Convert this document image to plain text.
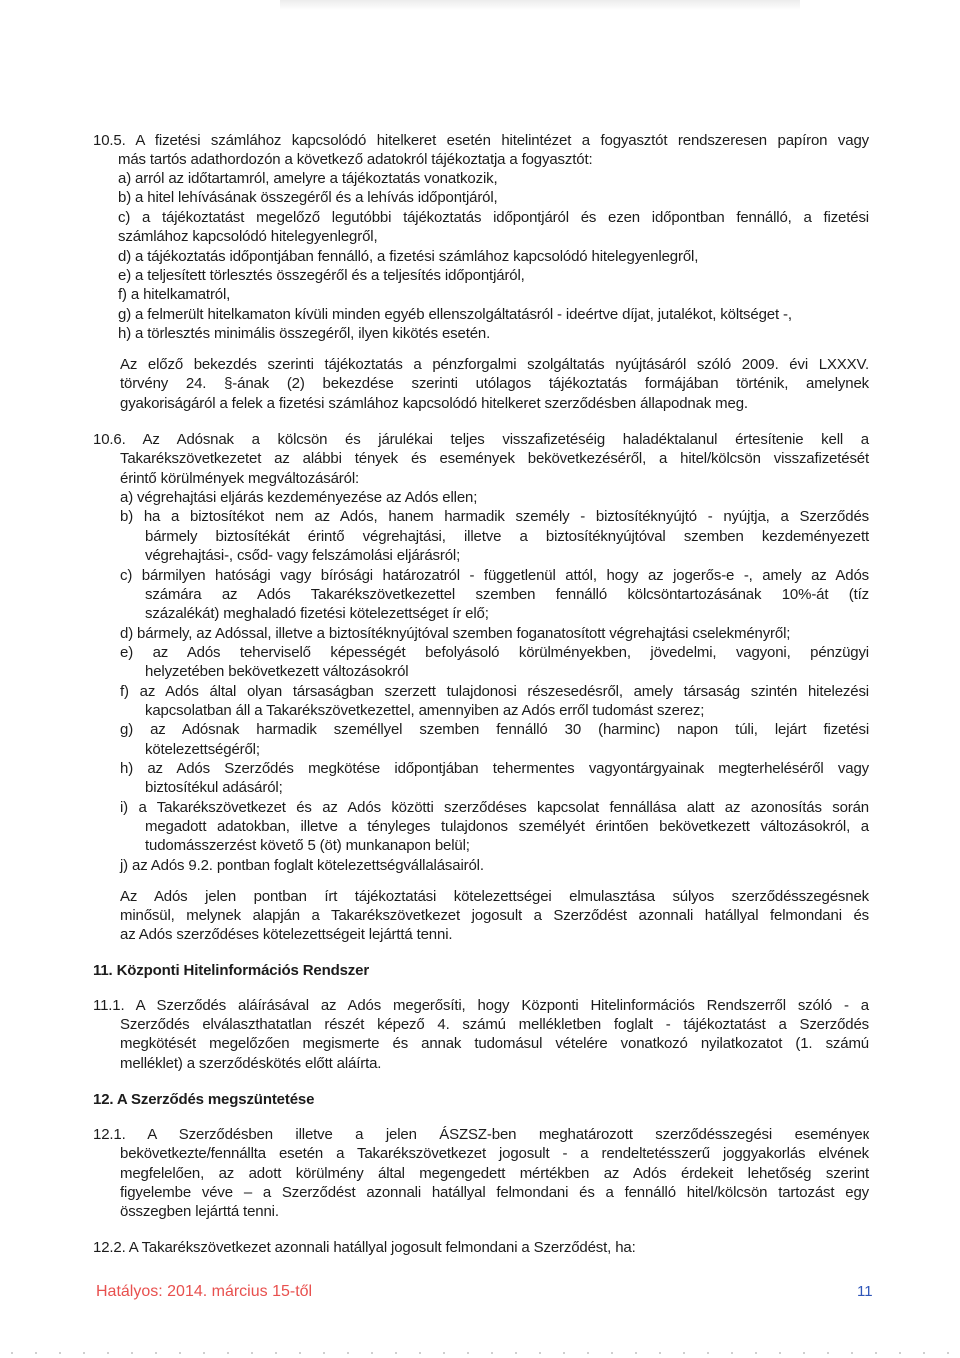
10.5. A fizetési számlához kapcsolódó hitelkeret esetén hitelintézet a fogyasztót rendszeresen papíron vagy
más tartós adathordozón a következő adatokról tájékoztatja a fogyasztót:
a) arról az időtartamról, amelyre a tájékoztatás vonatkozik,
b) a hitel lehívásának összegéről és a lehívás időpontjáról,
c) a tájékoztatást megelőző legutóbbi tájékoztatás időpontjáról és ezen időpontban fennálló, a fizetési
számlához kapcsolódó hitelegyenlegről,
d) a tájékoztatás időpontjában fennálló, a fizetési számlához kapcsolódó hitelegyenlegről,
e) a teljesített törlesztés összegéről és a teljesítés időpontjáról,
f) a hitelkamatról,
g) a felmerült hitelkamaton kívüli minden egyéb ellenszolgáltatásról - ideértve díjat, jutalékot, költséget -,
h) a törlesztés minimális összegéről, ilyen kikötés esetén.
Az előző bekezdés szerinti tájékoztatás a pénzforgalmi szolgáltatás nyújtásáról szóló 2009. évi LXXXV.
törvény 24. §-ának (2) bekezdése szerinti utólagos tájékoztatás formájában történik, amelynek
gyakoriságáról a felek a fizetési számlához kapcsolódó hitelkeret szerződésben állapodnak meg.
10.6. Az Adósnak a kölcsön és járulékai teljes visszafizetéséig haladéktalanul értesítenie kell a
Takarékszövetkezetet az alábbi tények és események bekövetkezéséről, a hitel/kölcsön visszafizetését
érintő körülmények megváltozásáról:
a) végrehajtási eljárás kezdeményezése az Adós ellen;
b) ha a biztosítékot nem az Adós, hanem harmadik személy - biztosítéknyújtó - nyújtja, a Szerződés
bármely biztosítékát érintő végrehajtási, illetve a biztosítéknyújtóval szemben kezdeményezett
végrehajtási-, csőd- vagy felszámolási eljárásról;
c) bármilyen hatósági vagy bírósági határozatról - függetlenül attól, hogy az jogerős-e -, amely az Adós
számára az Adós Takarékszövetkezettel szemben fennálló kölcsöntartozásának 10%-át (tíz
százalékát) meghaladó fizetési kötelezettséget ír elő;
d) bármely, az Adóssal, illetve a biztosítéknyújtóval szemben foganatosított végrehajtási cselekményről;
e) az Adós teherviselő képességét befolyásoló körülményekben, jövedelmi, vagyoni, pénzügyi
helyzetében bekövetkezett változásokról
f) az Adós által olyan társaságban szerzett tulajdonosi részesedésről, amely társaság szintén hitelezési
kapcsolatban áll a Takarékszövetkezettel, amennyiben az Adós erről tudomást szerez;
g) az Adósnak harmadik személlyel szemben fennálló 30 (harminc) napon túli, lejárt fizetési
kötelezettségéről;
h) az Adós Szerződés megkötése időpontjában tehermentes vagyontárgyainak megterheléséről vagy
biztosítékul adásáról;
i) a Takarékszövetkezet és az Adós közötti szerződéses kapcsolat fennállása alatt az azonosítás során
megadott adatokban, illetve a tényleges tulajdonos személyét érintően bekövetkezett változásokról, a
tudomásszerzést követő 5 (öt) munkanapon belül;
j) az Adós 9.2. pontban foglalt kötelezettségvállalásairól.
Az Adós jelen pontban írt tájékoztatási kötelezettségei elmulasztása súlyos szerződésszegésnek
minősül, melynek alapján a Takarékszövetkezet jogosult a Szerződést azonnali hatállyal felmondani és
az Adós szerződéses kötelezettségeit lejárttá tenni.
11. Központi Hitelinformációs Rendszer
11.1. A Szerződés aláírásával az Adós megerősíti, hogy Központi Hitelinformációs Rendszerről szóló - a
Szerződés elválaszthatatlan részét képező 4. számú mellékletben foglalt - tájékoztatást a Szerződés
megkötését megelőzően megismerte és annak tudomásul vételére vonatkozó nyilatkozatot (1. számú
melléklet) a szerződéskötés előtt aláírta.
12. A Szerződés megszüntetése
12.1. A Szerződésben illetve a jelen ÁSZSZ-ben meghatározott szerződésszegési eseményeк
bekövetkezte/fennállta esetén a Takarékszövetkezet jogosult - a rendeltetésszerű joggyakorlás elvének
megfelelően, az adott körülmény által megengedett mértékben az Adós érdekeit lehetőség szerint
figyelembe véve – a Szerződést azonnali hatállyal felmondani és a fennálló hitel/kölcsön tartozást egy
összegben lejárttá tenni.
12.2. A Takarékszövetkezet azonnali hatállyal jogosult felmondani a Szerződést, ha:
Hatályos: 2014. március 15-től	11
